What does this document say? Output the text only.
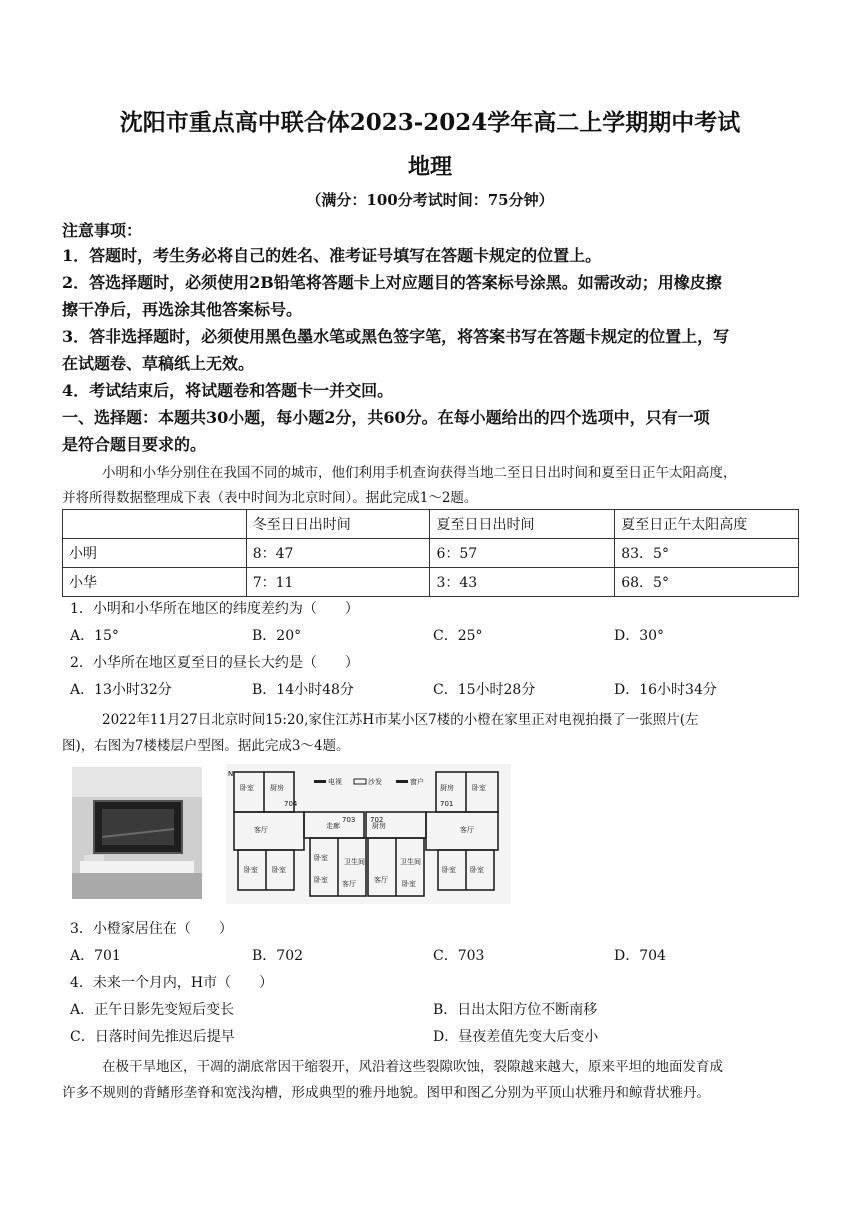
沈阳市重点高中联合体2023-2024学年高二上学期期中考试
地理
（满分：100分考试时间：75分钟）
注意事项：
1．答题时，考生务必将自己的姓名、准考证号填写在答题卡规定的位置上。
2．答选择题时，必须使用2B铅笔将答题卡上对应题目的答案标号涂黑。如需改动；用橡皮擦
擦干净后，再选涂其他答案标号。
3．答非选择题时，必须使用黑色墨水笔或黑色签字笔，将答案书写在答题卡规定的位置上，写
在试题卷、草稿纸上无效。
4．考试结束后，将试题卷和答题卡一并交回。
一、选择题：本题共30小题，每小题2分，共60分。在每小题给出的四个选项中，只有一项
是符合题目要求的。
小明和小华分别住在我国不同的城市，他们利用手机查询获得当地二至日日出时间和夏至日正午太阳高度，
并将所得数据整理成下表（表中时间为北京时间）。据此完成1～2题。
	冬至日日出时间	夏至日日出时间	夏至日正午太阳高度
小明	8：47	6：57	83．5°
小华	7：11	3：43	68．5°
1．小明和小华所在地区的纬度差约为（　　）
A．15°	B．20°	C．25°	D．30°
2．小华所在地区夏至日的昼长大约是（　　）
A．13小时32分	B．14小时48分	C．15小时28分	D．16小时34分
2022年11月27日北京时间15:20,家住江苏H市某小区7楼的小橙在家里正对电视拍摄了一张照片(左
图)，右图为7楼楼层户型图。据此完成3～4题。
N
电视	沙发	窗户
卧室 厨房
客厅
卧室 卧室
走廊
卧室 卫生间
卧室 客厅
厨房
卫生间
客厅 卧室
厨房	卧室
客厅
卧室 卧室
704
703 702
701
3．小橙家居住在（　　）
A．701	B．702	C．703	D．704
4．未来一个月内，H市（　　）
A．正午日影先变短后变长	B．日出太阳方位不断南移
C．日落时间先推迟后提早	D．昼夜差值先变大后变小
在极干旱地区，干凋的湖底常因干缩裂开，风沿着这些裂隙吹蚀，裂隙越来越大，原来平坦的地面发育成
许多不规则的背鳍形垄脊和宽浅沟槽，形成典型的雅丹地貌。图甲和图乙分别为平顶山状雅丹和鲸背状雅丹。
